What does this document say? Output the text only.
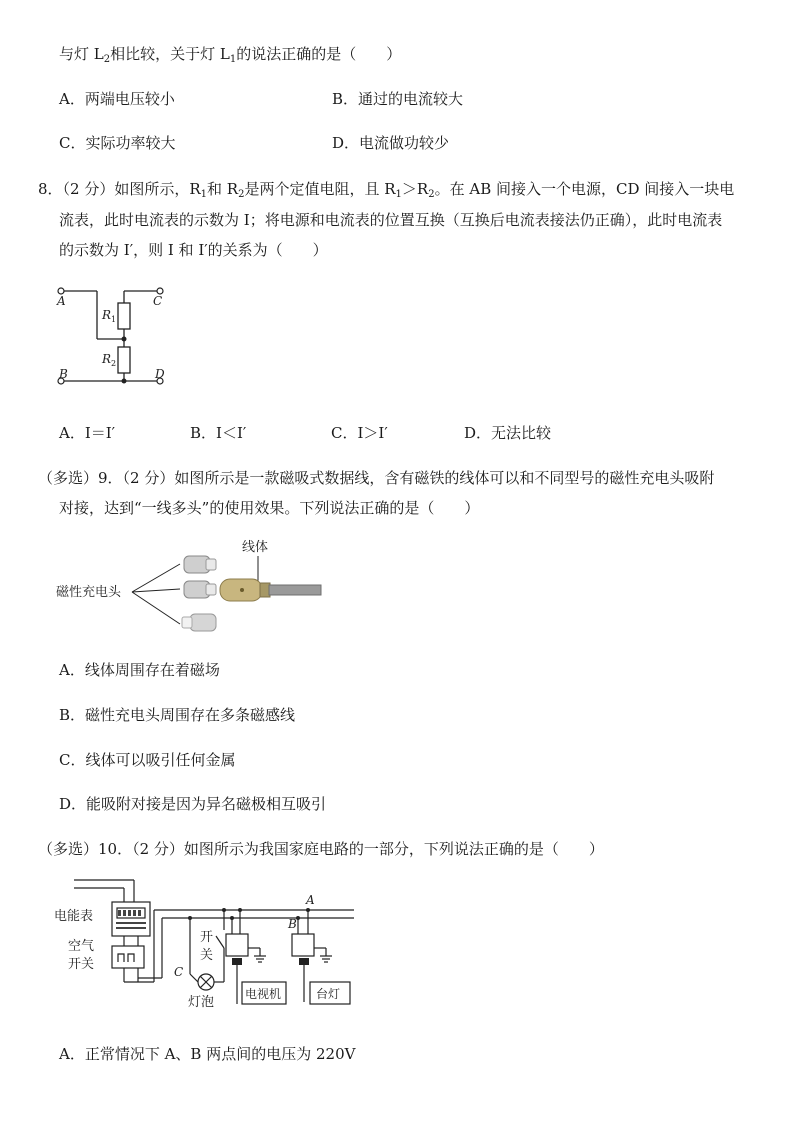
与灯 $L_2$相比较，关于灯 $L_1$的说法正确的是（　　）
A．两端电压较小	B．通过的电流较大
C．实际功率较大	D．电流做功较少
8．（2 分）如图所示，$R_1$和 $R_2$是两个定值电阻，且 $R_1>R_2$。在 AB 间接入一个电源，CD 间接入一块电
流表，此时电流表的示数为 I；将电源和电流表的位置互换（互换后电流表接法仍正确），此时电流表
的示数为 I′，则 I 和 I′的关系为（　　）
A	C
B	D
$R_1$
$R_2$
A．I＝I′	B．I＜I′	C．I＞I′	D．无法比较
（多选）9．（2 分）如图所示是一款磁吸式数据线，含有磁铁的线体可以和不同型号的磁性充电头吸附
对接，达到“一线多头”的使用效果。下列说法正确的是（　　）
磁性充电头
线体
A．线体周围存在着磁场
B．磁性充电头周围存在多条磁感线
C．线体可以吸引任何金属
D．能吸附对接是因为异名磁极相互吸引
（多选）10．（2 分）如图所示为我国家庭电路的一部分，下列说法正确的是（　　）
电能表
空气
开关
开
关
灯泡
电视机	台灯
A
B
C
A．正常情况下 A、B 两点间的电压为 220V
